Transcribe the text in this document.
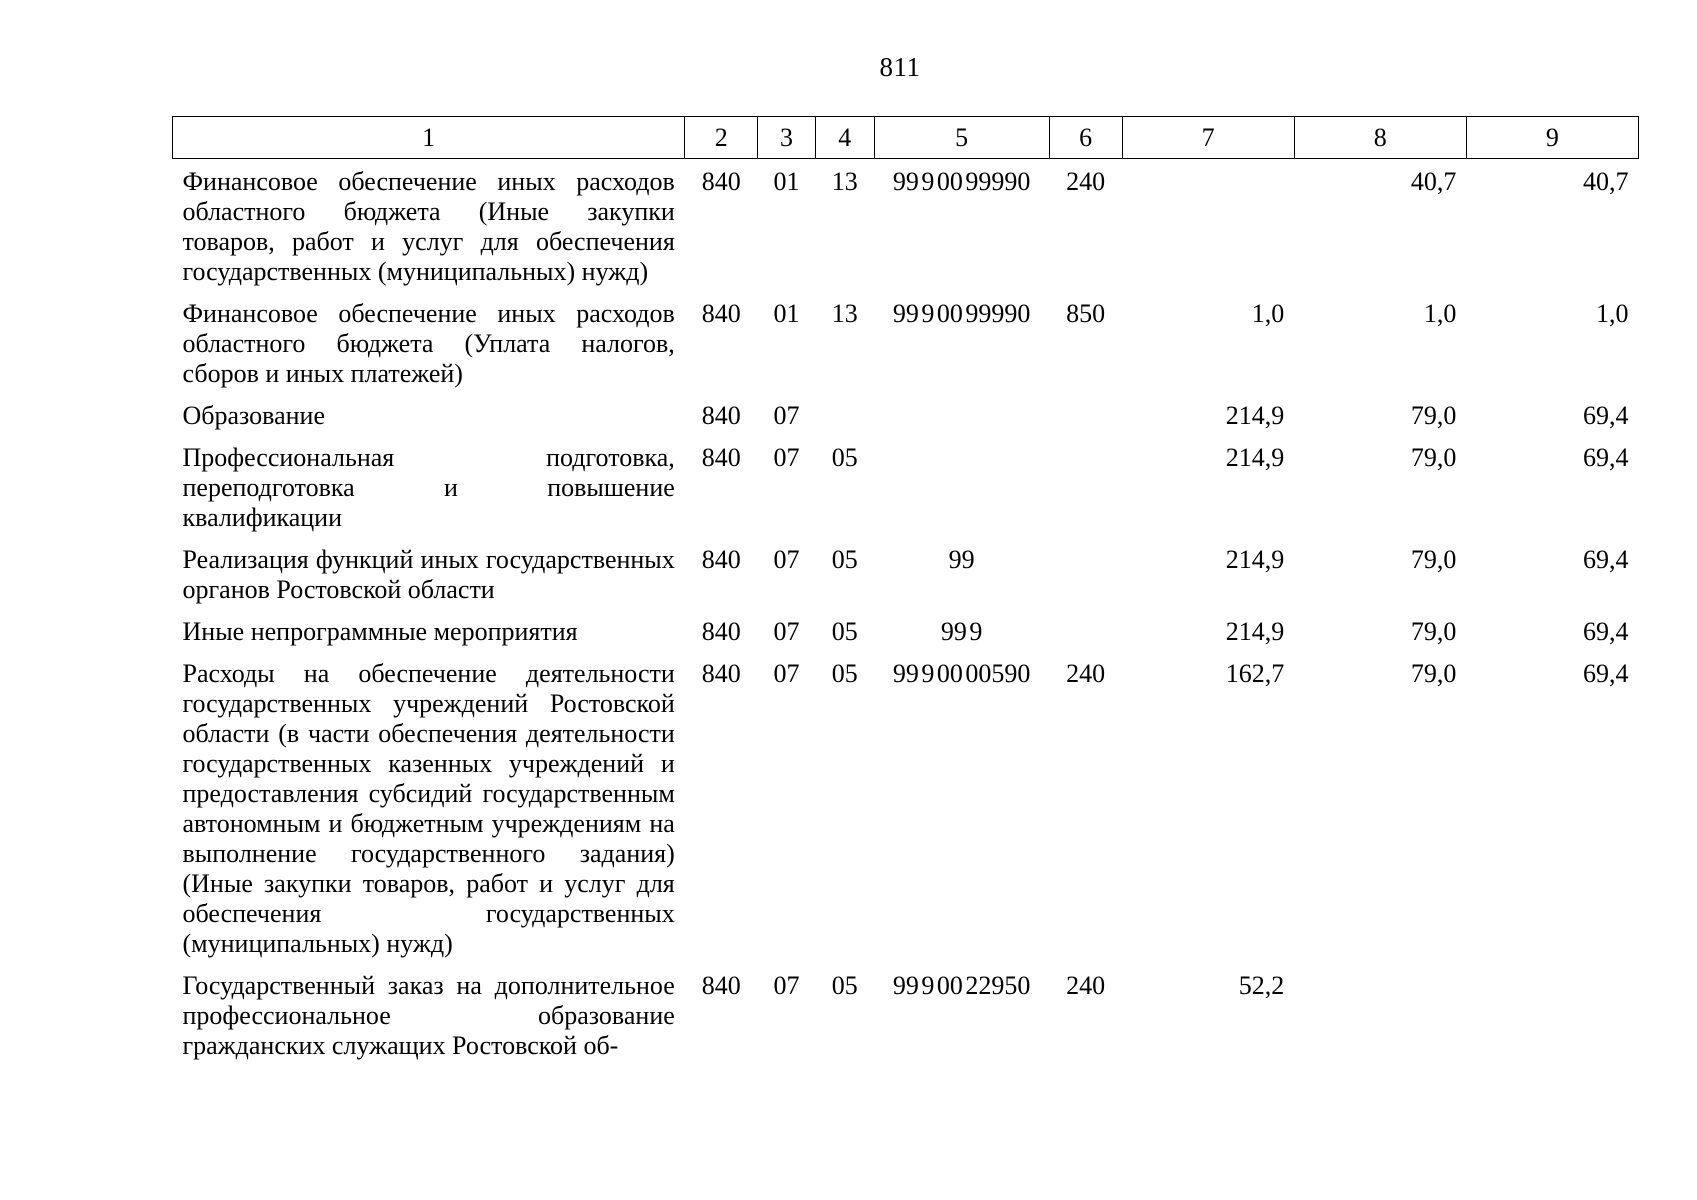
811
1	2	3	4	5	6	7	8	9
Финансовое обеспечение иных расходов областного бюджета (Иные закупки товаров, работ и услуг для обеспечения государственных (муниципальных) нужд)	840	01	13	99 9 00 99990	240		40,7	40,7
Финансовое обеспечение иных расходов областного бюджета (Уплата налогов, сборов и иных платежей)	840	01	13	99 9 00 99990	850	1,0	1,0	1,0
Образование	840	07				214,9	79,0	69,4
Профессиональная подготовка, переподготовка и повышение квалификации	840	07	05			214,9	79,0	69,4
Реализация функций иных государственных органов Ростовской области	840	07	05	99		214,9	79,0	69,4
Иные непрограммные мероприятия	840	07	05	99 9		214,9	79,0	69,4
Расходы на обеспечение деятельности государственных учреждений Ростовской области (в части обеспечения деятельности государственных казенных учреждений и предоставления субсидий государственным автономным и бюджетным учреждениям на выполнение государственного задания) (Иные закупки товаров, работ и услуг для обеспечения государственных (муниципальных) нужд)	840	07	05	99 9 00 00590	240	162,7	79,0	69,4
Государственный заказ на дополнительное профессиональное образование гражданских служащих Ростовской об-	840	07	05	99 9 00 22950	240	52,2		
